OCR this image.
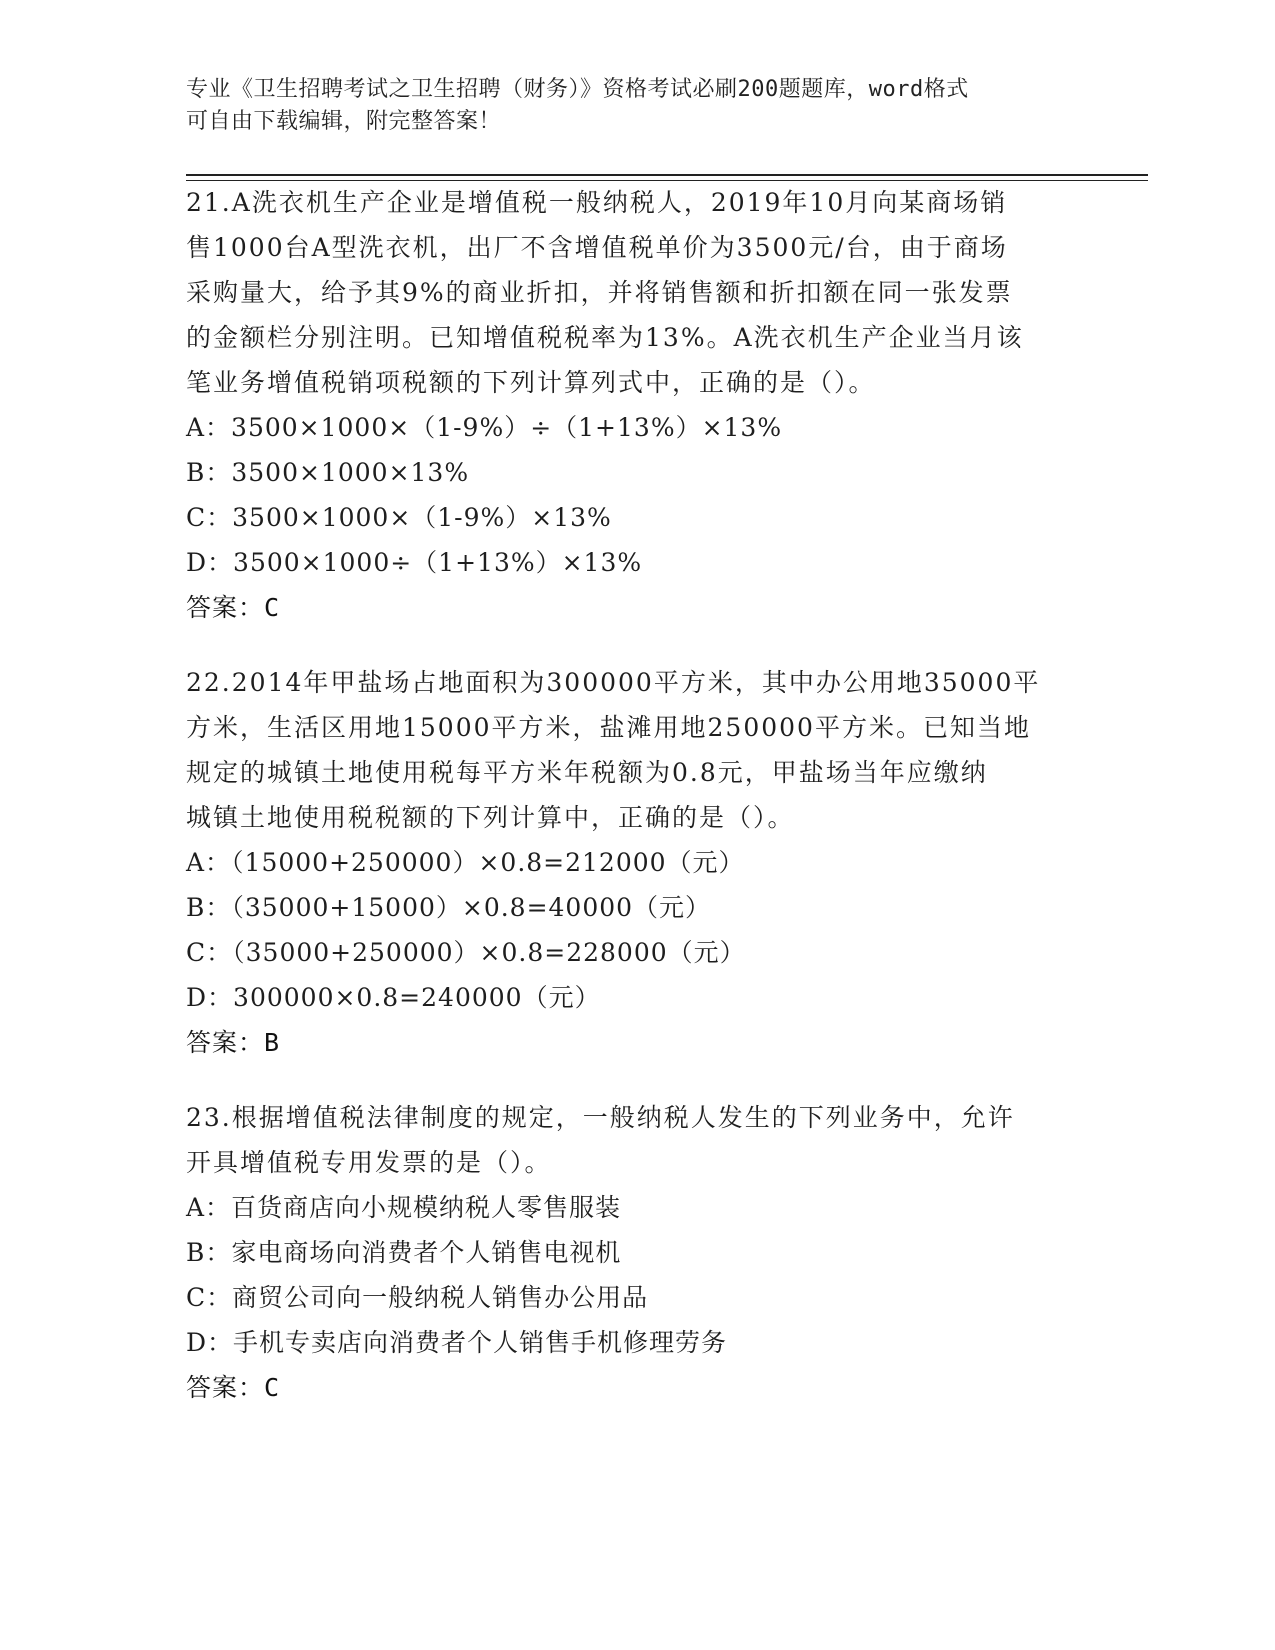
专业《卫生招聘考试之卫生招聘（财务）》资格考试必刷200题题库，word格式
可自由下载编辑，附完整答案！
21.A洗衣机生产企业是增值税一般纳税人，2019年10月向某商场销
售1000台A型洗衣机，出厂不含增值税单价为3500元/台，由于商场
采购量大，给予其9%的商业折扣，并将销售额和折扣额在同一张发票
的金额栏分别注明。已知增值税税率为13%。A洗衣机生产企业当月该
笔业务增值税销项税额的下列计算列式中，正确的是（）。
A：3500×1000×（1-9%）÷（1+13%）×13%
B：3500×1000×13%
C：3500×1000×（1-9%）×13%
D：3500×1000÷（1+13%）×13%
答案：C
22.2014年甲盐场占地面积为300000平方米，其中办公用地35000平
方米，生活区用地15000平方米，盐滩用地250000平方米。已知当地
规定的城镇土地使用税每平方米年税额为0.8元，甲盐场当年应缴纳
城镇土地使用税税额的下列计算中，正确的是（）。
A：（15000+250000）×0.8=212000（元）
B：（35000+15000）×0.8=40000（元）
C：（35000+250000）×0.8=228000（元）
D：300000×0.8=240000（元）
答案：B
23.根据增值税法律制度的规定，一般纳税人发生的下列业务中，允许
开具增值税专用发票的是（）。
A：百货商店向小规模纳税人零售服装
B：家电商场向消费者个人销售电视机
C：商贸公司向一般纳税人销售办公用品
D：手机专卖店向消费者个人销售手机修理劳务
答案：C
